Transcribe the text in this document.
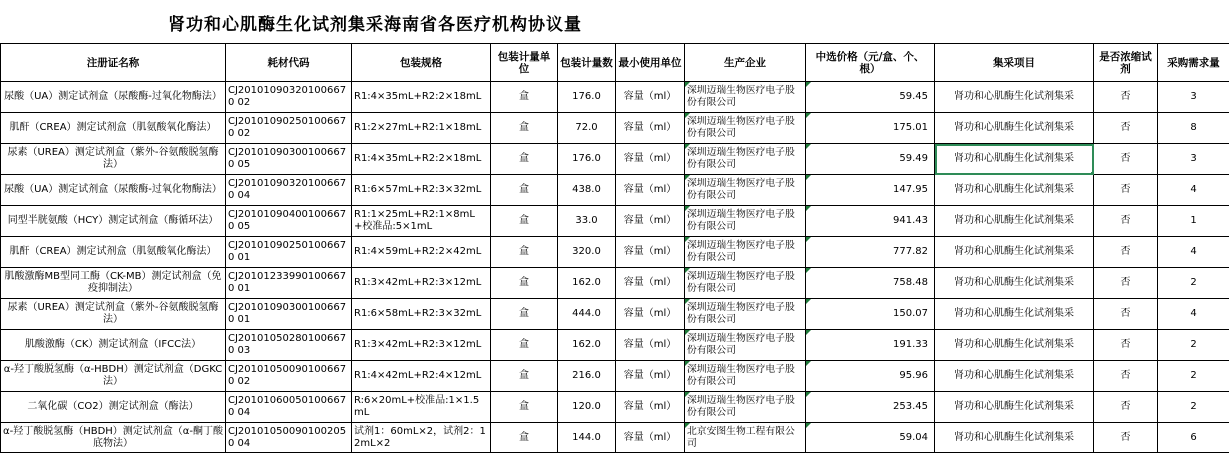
肾功和心肌酶生化试剂集采海南省各医疗机构协议量
注册证名称	耗材代码	包装规格	包装计量单位	包装计量数	最小使用单位	生产企业	中选价格（元/盒、个、根）	集采项目	是否浓缩试剂	采购需求量
尿酸（UA）测定试剂盒（尿酸酶-过氧化物酶法）	CJ201010903201006670 02	R1:4×35mL+R2:2×18mL	盒	176.0	容量（ml）	深圳迈瑞生物医疗电子股份有限公司	59.45	肾功和心肌酶生化试剂集采	否	3
肌酐（CREA）测定试剂盒（肌氨酸氧化酶法）	CJ201010902501006670 02	R1:2×27mL+R2:1×18mL	盒	72.0	容量（ml）	深圳迈瑞生物医疗电子股份有限公司	175.01	肾功和心肌酶生化试剂集采	否	8
尿素（UREA）测定试剂盒（紫外-谷氨酸脱氢酶法）	CJ201010903001006670 05	R1:4×35mL+R2:2×18mL	盒	176.0	容量（ml）	深圳迈瑞生物医疗电子股份有限公司	59.49	肾功和心肌酶生化试剂集采	否	3
尿酸（UA）测定试剂盒（尿酸酶-过氧化物酶法）	CJ201010903201006670 04	R1:6×57mL+R2:3×32mL	盒	438.0	容量（ml）	深圳迈瑞生物医疗电子股份有限公司	147.95	肾功和心肌酶生化试剂集采	否	4
同型半胱氨酸（HCY）测定试剂盒（酶循环法）	CJ201010904001006670 05	R1:1×25mL+R2:1×8mL+校准品:5×1mL	盒	33.0	容量（ml）	深圳迈瑞生物医疗电子股份有限公司	941.43	肾功和心肌酶生化试剂集采	否	1
肌酐（CREA）测定试剂盒（肌氨酸氧化酶法）	CJ201010902501006670 01	R1:4×59mL+R2:2×42mL	盒	320.0	容量（ml）	深圳迈瑞生物医疗电子股份有限公司	777.82	肾功和心肌酶生化试剂集采	否	4
肌酸激酶MB型同工酶（CK-MB）测定试剂盒（免疫抑制法）	CJ201012339901006670 01	R1:3×42mL+R2:3×12mL	盒	162.0	容量（ml）	深圳迈瑞生物医疗电子股份有限公司	758.48	肾功和心肌酶生化试剂集采	否	2
尿素（UREA）测定试剂盒（紫外-谷氨酸脱氢酶法）	CJ201010903001006670 01	R1:6×58mL+R2:3×32mL	盒	444.0	容量（ml）	深圳迈瑞生物医疗电子股份有限公司	150.07	肾功和心肌酶生化试剂集采	否	4
肌酸激酶（CK）测定试剂盒（IFCC法）	CJ201010502801006670 03	R1:3×42mL+R2:3×12mL	盒	162.0	容量（ml）	深圳迈瑞生物医疗电子股份有限公司	191.33	肾功和心肌酶生化试剂集采	否	2
α-羟丁酸脱氢酶（α-HBDH）测定试剂盒（DGKC法）	CJ201010500901006670 02	R1:4×42mL+R2:4×12mL	盒	216.0	容量（ml）	深圳迈瑞生物医疗电子股份有限公司	95.96	肾功和心肌酶生化试剂集采	否	2
二氧化碳（CO2）测定试剂盒（酶法）	CJ201010600501006670 04	R:6×20mL+校准品:1×1.5mL	盒	120.0	容量（ml）	深圳迈瑞生物医疗电子股份有限公司	253.45	肾功和心肌酶生化试剂集采	否	2
α-羟丁酸脱氢酶（HBDH）测定试剂盒（α-酮丁酸底物法）	CJ201010500901002050 04	试剂1：60mL×2，试剂2：12mL×2	盒	144.0	容量（ml）	北京安图生物工程有限公司	59.04	肾功和心肌酶生化试剂集采	否	6
